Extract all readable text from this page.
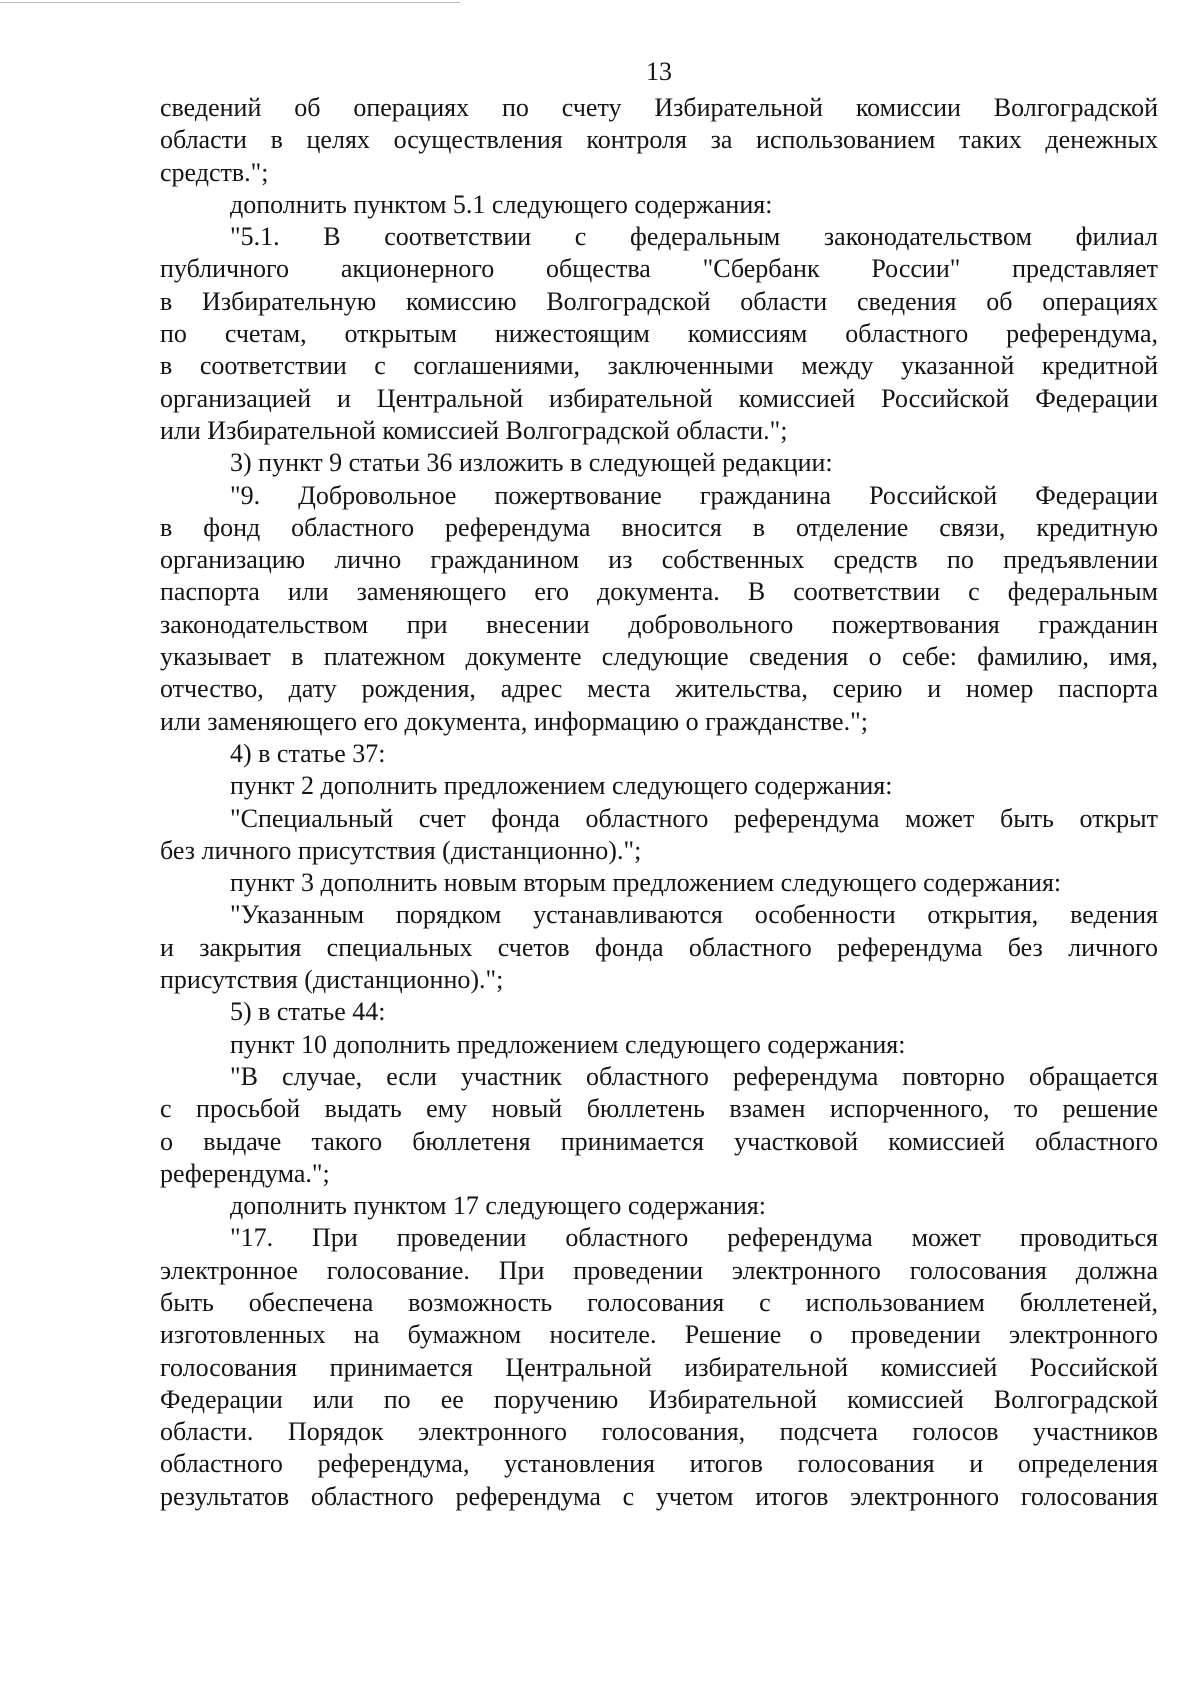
13
сведений об операциях по счету Избирательной комиссии Волгоградской
области в целях осуществления контроля за использованием таких денежных
средств.";
дополнить пунктом 5.1 следующего содержания:
"5.1. В соответствии с федеральным законодательством филиал
публичного акционерного общества "Сбербанк России" представляет
в Избирательную комиссию Волгоградской области сведения об операциях
по счетам, открытым нижестоящим комиссиям областного референдума,
в соответствии с соглашениями, заключенными между указанной кредитной
организацией и Центральной избирательной комиссией Российской Федерации
или Избирательной комиссией Волгоградской области.";
3) пункт 9 статьи 36 изложить в следующей редакции:
"9. Добровольное пожертвование гражданина Российской Федерации
в фонд областного референдума вносится в отделение связи, кредитную
организацию лично гражданином из собственных средств по предъявлении
паспорта или заменяющего его документа. В соответствии с федеральным
законодательством при внесении добровольного пожертвования гражданин
указывает в платежном документе следующие сведения о себе: фамилию, имя,
отчество, дату рождения, адрес места жительства, серию и номер паспорта
или заменяющего его документа, информацию о гражданстве.";
4) в статье 37:
пункт 2 дополнить предложением следующего содержания:
"Специальный счет фонда областного референдума может быть открыт
без личного присутствия (дистанционно).";
пункт 3 дополнить новым вторым предложением следующего содержания:
"Указанным порядком устанавливаются особенности открытия, ведения
и закрытия специальных счетов фонда областного референдума без личного
присутствия (дистанционно).";
5) в статье 44:
пункт 10 дополнить предложением следующего содержания:
"В случае, если участник областного референдума повторно обращается
с просьбой выдать ему новый бюллетень взамен испорченного, то решение
о выдаче такого бюллетеня принимается участковой комиссией областного
референдума.";
дополнить пунктом 17 следующего содержания:
"17. При проведении областного референдума может проводиться
электронное голосование. При проведении электронного голосования должна
быть обеспечена возможность голосования с использованием бюллетеней,
изготовленных на бумажном носителе. Решение о проведении электронного
голосования принимается Центральной избирательной комиссией Российской
Федерации или по ее поручению Избирательной комиссией Волгоградской
области. Порядок электронного голосования, подсчета голосов участников
областного референдума, установления итогов голосования и определения
результатов областного референдума с учетом итогов электронного голосования
